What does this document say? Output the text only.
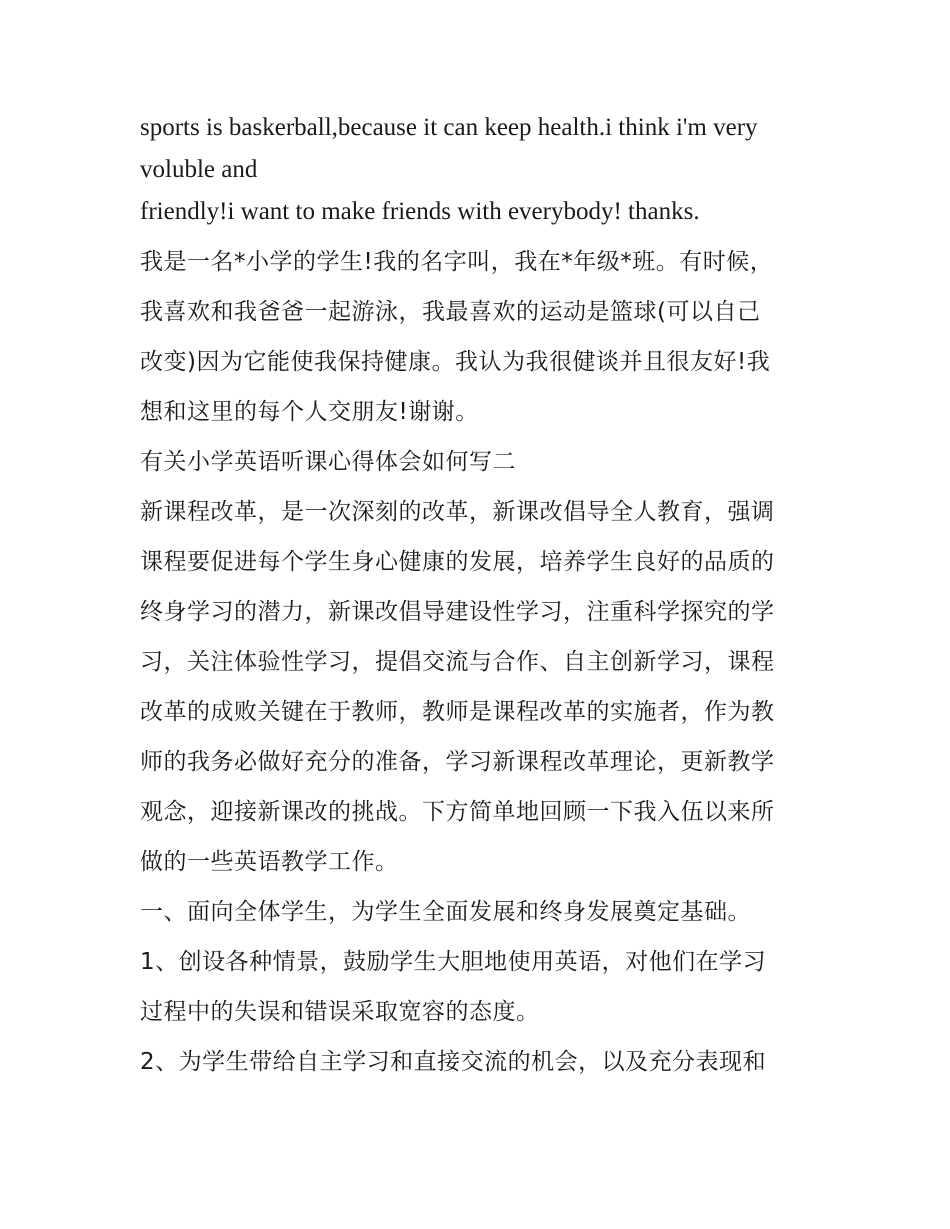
sports is baskerball,because it can keep health.i think i'm very

voluble and

friendly!i want to make friends with everybody! thanks.

我是一名*小学的学生!我的名字叫，我在*年级*班。有时候，

我喜欢和我爸爸一起游泳，我最喜欢的运动是篮球(可以自己

改变)因为它能使我保持健康。我认为我很健谈并且很友好!我

想和这里的每个人交朋友!谢谢。

有关小学英语听课心得体会如何写二

新课程改革，是一次深刻的改革，新课改倡导全人教育，强调

课程要促进每个学生身心健康的发展，培养学生良好的品质的

终身学习的潜力，新课改倡导建设性学习，注重科学探究的学

习，关注体验性学习，提倡交流与合作、自主创新学习，课程

改革的成败关键在于教师，教师是课程改革的实施者，作为教

师的我务必做好充分的准备，学习新课程改革理论，更新教学

观念，迎接新课改的挑战。下方简单地回顾一下我入伍以来所

做的一些英语教学工作。

一、面向全体学生，为学生全面发展和终身发展奠定基础。

1、创设各种情景，鼓励学生大胆地使用英语，对他们在学习

过程中的失误和错误采取宽容的态度。

2、为学生带给自主学习和直接交流的机会，以及充分表现和
